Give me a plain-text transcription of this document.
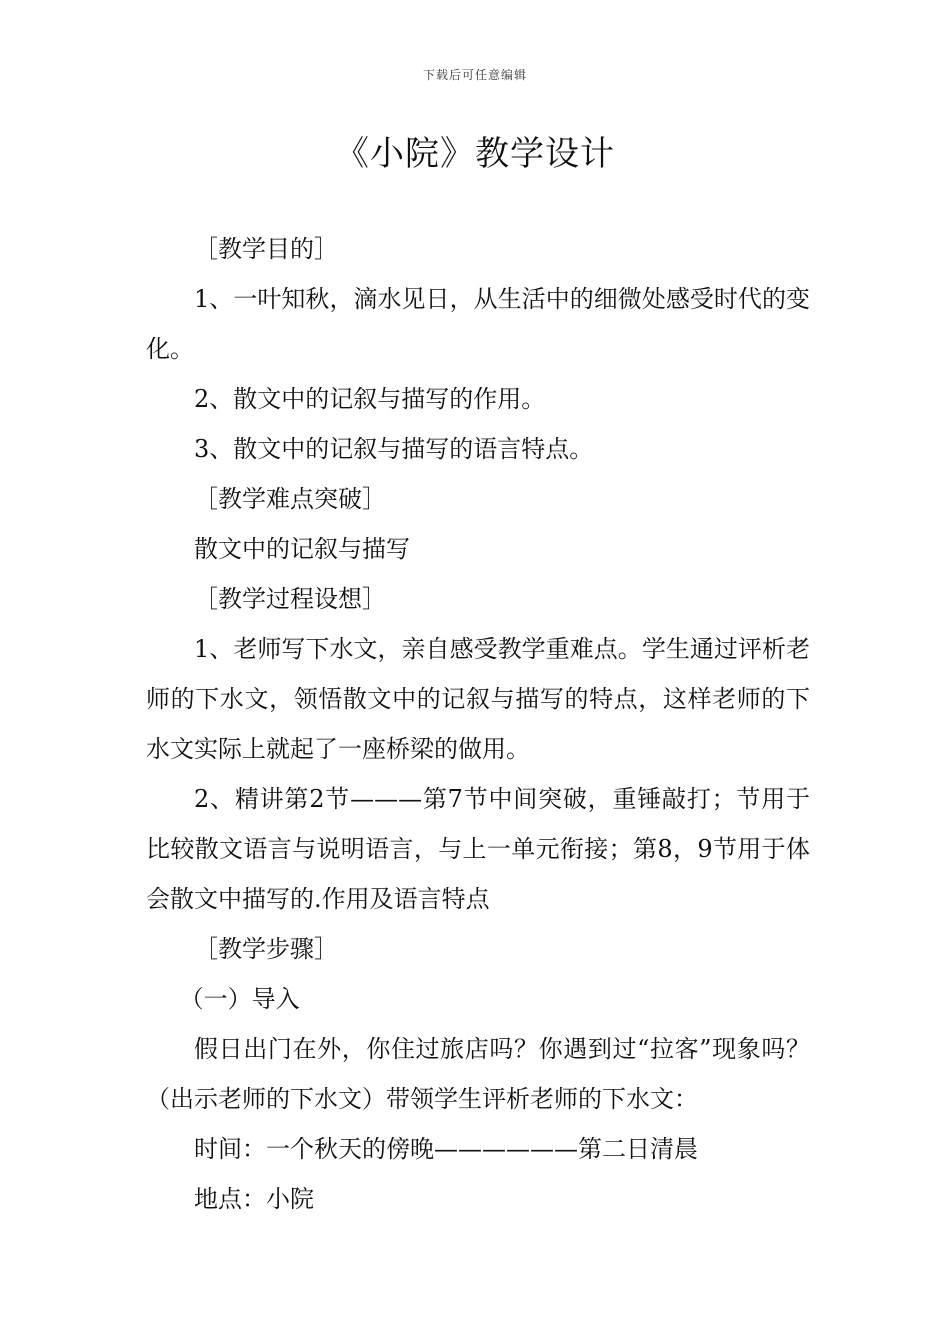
下载后可任意编辑
《小院》教学设计

［教学目的］

1、一叶知秋，滴水见日，从生活中的细微处感受时代的变化。

2、散文中的记叙与描写的作用。

3、散文中的记叙与描写的语言特点。

［教学难点突破］

散文中的记叙与描写

［教学过程设想］

1、老师写下水文，亲自感受教学重难点。学生通过评析老师的下水文，领悟散文中的记叙与描写的特点，这样老师的下水文实际上就起了一座桥梁的做用。

2、精讲第2节———第7节中间突破，重锤敲打；节用于比较散文语言与说明语言，与上一单元衔接；第8，9节用于体会散文中描写的.作用及语言特点

［教学步骤］

（一）导入

假日出门在外，你住过旅店吗？你遇到过“拉客”现象吗？（出示老师的下水文）带领学生评析老师的下水文：

时间：一个秋天的傍晚——————第二日清晨

地点：小院
